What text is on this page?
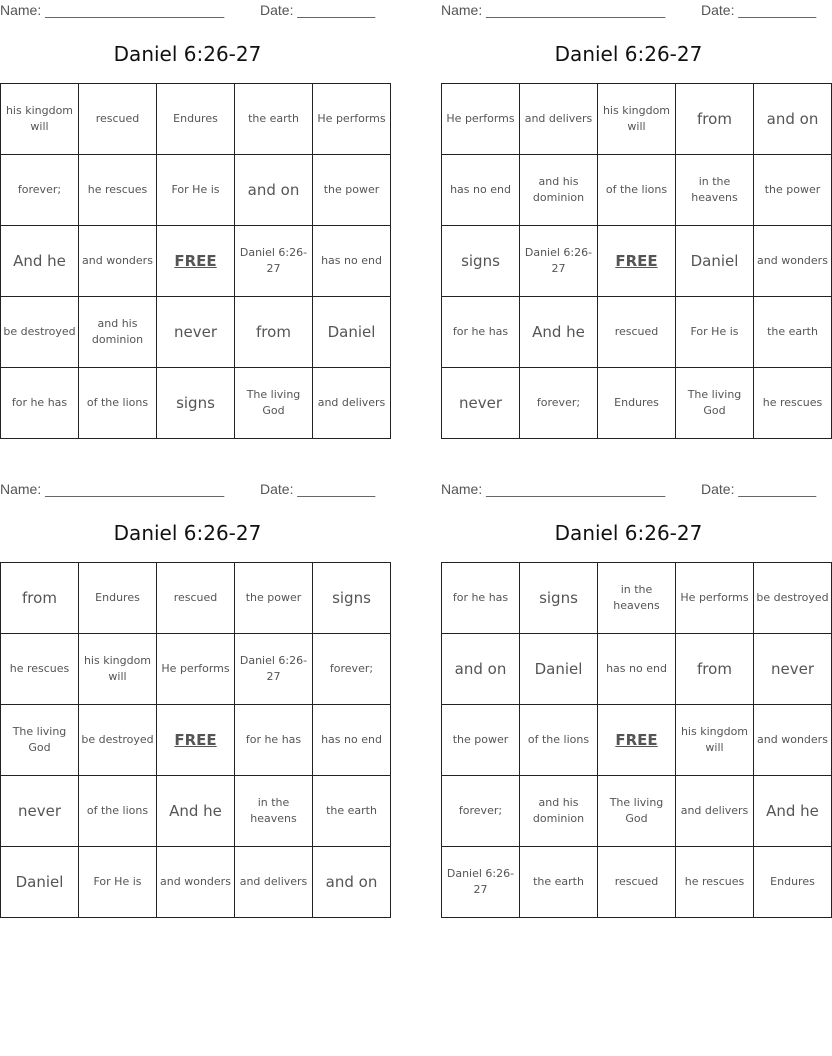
Name: _______________________	Date: __________
Daniel 6:26-27
his kingdom will	rescued	Endures	the earth	He performs
forever;	he rescues	For He is	and on	the power
And he	and wonders	FREE	Daniel 6:26-27	has no end
be destroyed	and his dominion	never	from	Daniel
for he has	of the lions	signs	The living God	and delivers
Name: _______________________	Date: __________
Daniel 6:26-27
He performs	and delivers	his kingdom will	from	and on
has no end	and his dominion	of the lions	in the heavens	the power
signs	Daniel 6:26-27	FREE	Daniel	and wonders
for he has	And he	rescued	For He is	the earth
never	forever;	Endures	The living God	he rescues
Name: _______________________	Date: __________
Daniel 6:26-27
from	Endures	rescued	the power	signs
he rescues	his kingdom will	He performs	Daniel 6:26-27	forever;
The living God	be destroyed	FREE	for he has	has no end
never	of the lions	And he	in the heavens	the earth
Daniel	For He is	and wonders	and delivers	and on
Name: _______________________	Date: __________
Daniel 6:26-27
for he has	signs	in the heavens	He performs	be destroyed
and on	Daniel	has no end	from	never
the power	of the lions	FREE	his kingdom will	and wonders
forever;	and his dominion	The living God	and delivers	And he
Daniel 6:26-27	the earth	rescued	he rescues	Endures
